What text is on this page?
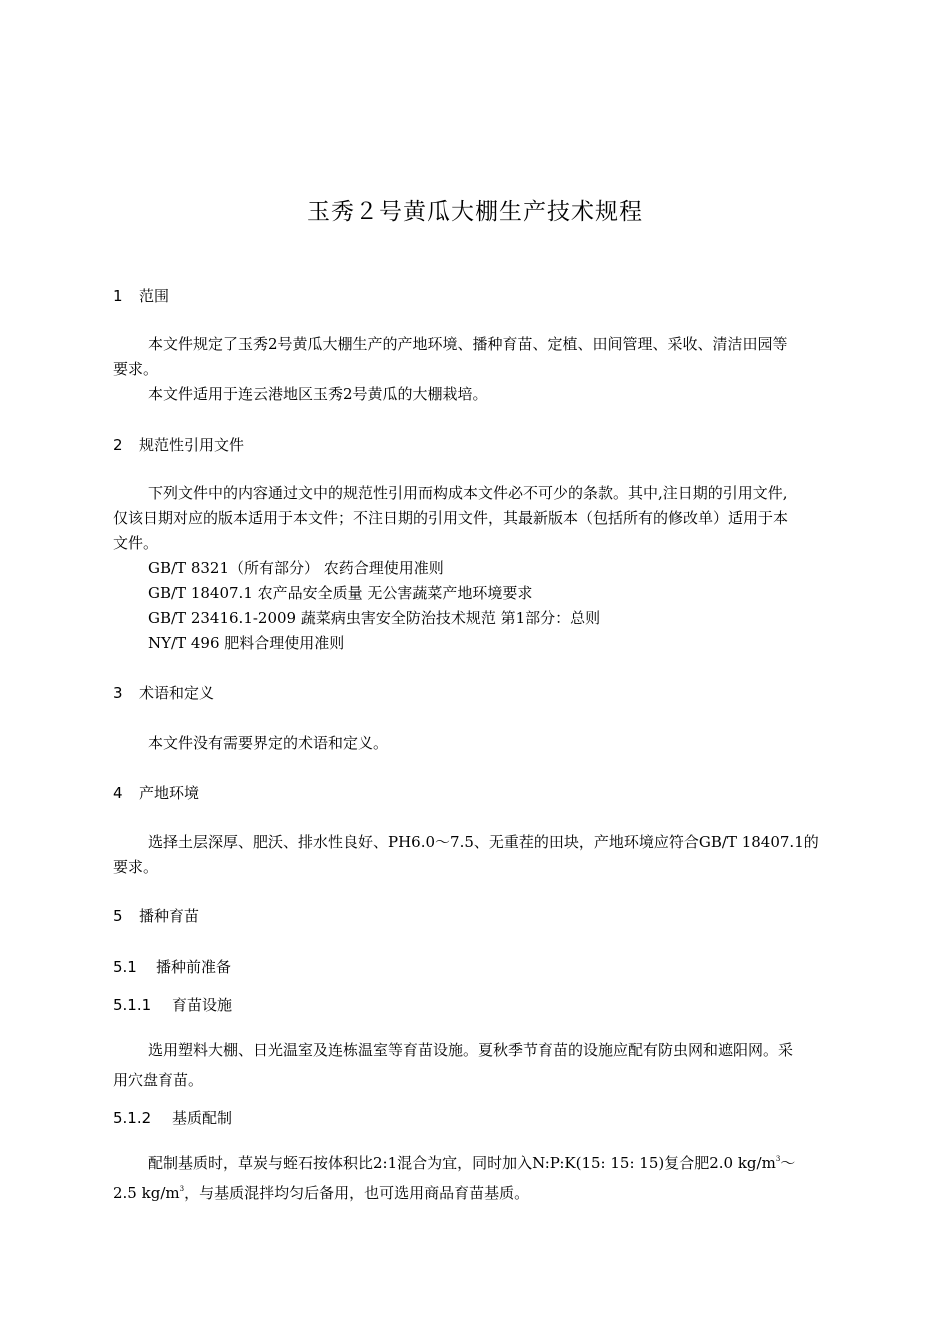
玉秀２号黄瓜大棚生产技术规程
1 范围
本文件规定了玉秀2号黄瓜大棚生产的产地环境、播种育苗、定植、田间管理、采收、清洁田园等
要求。
本文件适用于连云港地区玉秀2号黄瓜的大棚栽培。
2 规范性引用文件
下列文件中的内容通过文中的规范性引用而构成本文件必不可少的条款。其中,注日期的引用文件,
仅该日期对应的版本适用于本文件；不注日期的引用文件，其最新版本（包括所有的修改单）适用于本
文件。
GB/T 8321（所有部分） 农药合理使用准则
GB/T 18407.1 农产品安全质量 无公害蔬菜产地环境要求
GB/T 23416.1-2009 蔬菜病虫害安全防治技术规范 第1部分：总则
NY/T 496 肥料合理使用准则
3 术语和定义
本文件没有需要界定的术语和定义。
4 产地环境
选择土层深厚、肥沃、排水性良好、PH6.0～7.5、无重茬的田块，产地环境应符合GB/T 18407.1的
要求。
5 播种育苗
5.1 播种前准备
5.1.1 育苗设施
选用塑料大棚、日光温室及连栋温室等育苗设施。夏秋季节育苗的设施应配有防虫网和遮阳网。采
用穴盘育苗。
5.1.2 基质配制
配制基质时，草炭与蛭石按体积比2:1混合为宜，同时加入N:P:K(15: 15: 15)复合肥2.0 $kg/m^3\sim$
2.5 $kg/m^3$，与基质混拌均匀后备用，也可选用商品育苗基质。
